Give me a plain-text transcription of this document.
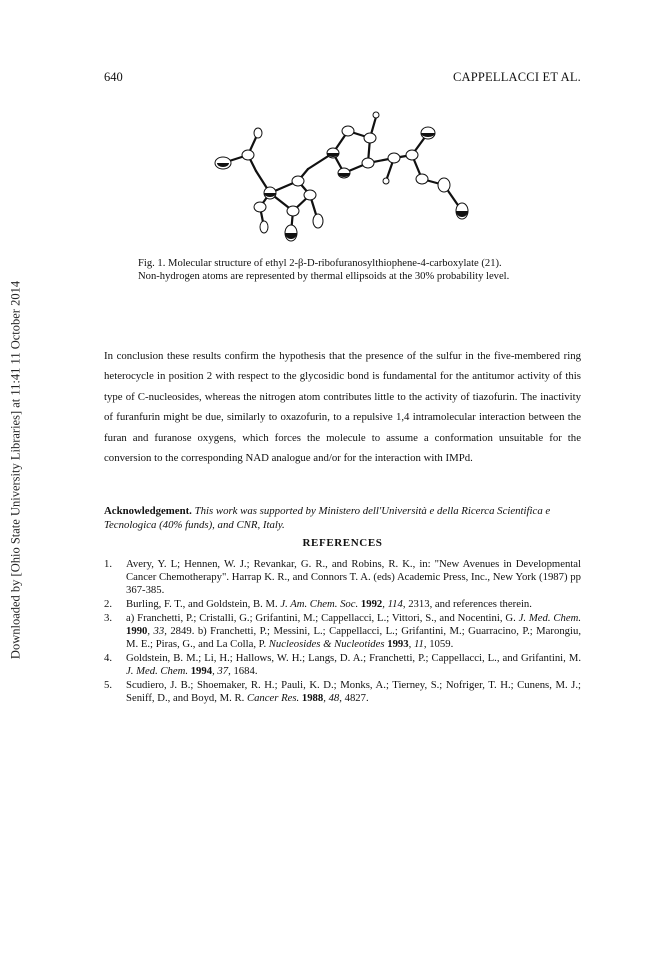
Downloaded by [Ohio State University Libraries] at 11:41 11 October 2014
640	CAPPELLACCI ET AL.

Fig. 1. Molecular structure of ethyl 2-β-D-ribofuranosylthiophene-4-carboxylate (21).

Non-hydrogen atoms are represented by thermal ellipsoids at the 30% probability level.

In conclusion these results confirm the hypothesis that the presence of the sulfur in the five-membered ring heterocycle in position 2 with respect to the glycosidic bond is fundamental for the antitumor activity of this type of C-nucleosides, whereas the nitrogen atom contributes little to the activity of tiazofurin. The inactivity of furanfurin might be due, similarly to oxazofurin, to a repulsive 1,4 intramolecular interaction between the furan and furanose oxygens, which forces the molecule to assume a conformation unsuitable for the conversion to the corresponding NAD analogue and/or for the interaction with IMPd.

Acknowledgement. This work was supported by Ministero dell'Università e della Ricerca Scientifica e Tecnologica (40% funds), and CNR, Italy.

REFERENCES
1.	Avery, Y. L; Hennen, W. J.; Revankar, G. R., and Robins, R. K., in: "New Avenues in Developmental Cancer Chemotherapy". Harrap K. R., and Connors T. A. (eds) Academic Press, Inc., New York (1987) pp 367-385.
2.	Burling, F. T., and Goldstein, B. M. J. Am. Chem. Soc. 1992, 114, 2313, and references therein.
3.	a) Franchetti, P.; Cristalli, G.; Grifantini, M.; Cappellacci, L.; Vittori, S., and Nocentini, G. J. Med. Chem. 1990, 33, 2849. b) Franchetti, P.; Messini, L.; Cappellacci, L.; Grifantini, M.; Guarracino, P.; Marongiu, M. E.; Piras, G., and La Colla, P. Nucleosides & Nucleotides 1993, 11, 1059.
4.	Goldstein, B. M.; Li, H.; Hallows, W. H.; Langs, D. A.; Franchetti, P.; Cappellacci, L., and Grifantini, M. J. Med. Chem. 1994, 37, 1684.
5.	Scudiero, J. B.; Shoemaker, R. H.; Pauli, K. D.; Monks, A.; Tierney, S.; Nofriger, T. H.; Cunens, M. J.; Seniff, D., and Boyd, M. R. Cancer Res. 1988, 48, 4827.
